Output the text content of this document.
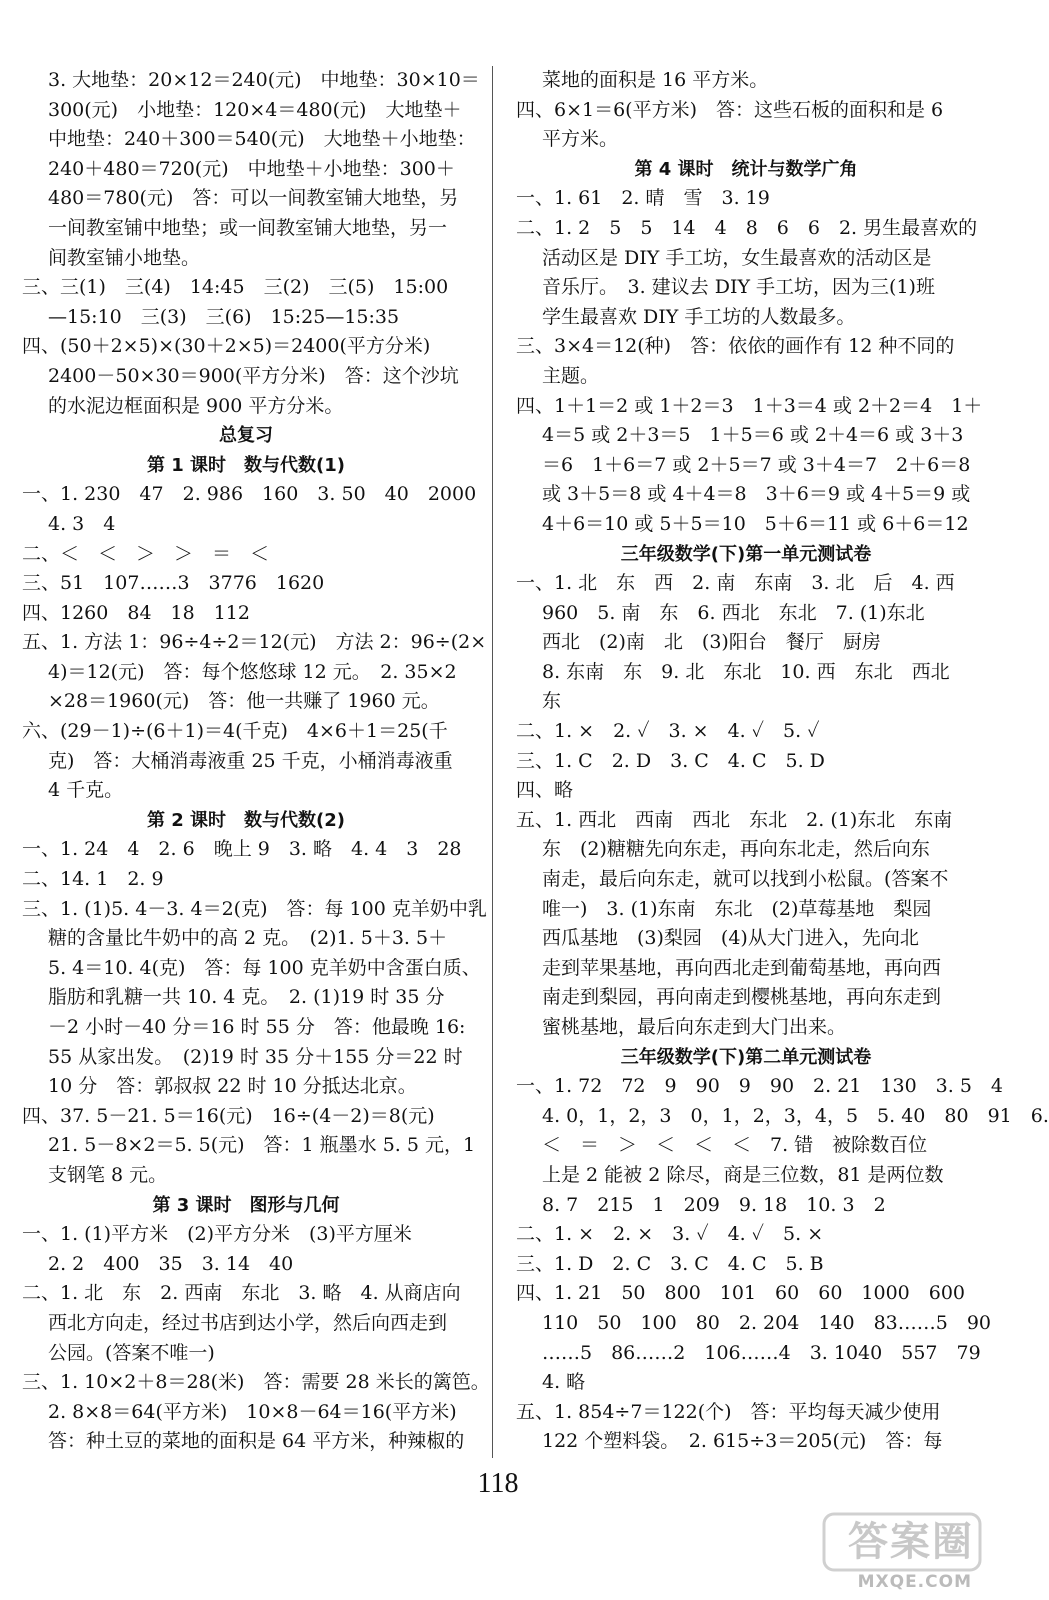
3. 大地垫：20×12＝240(元)　中地垫：30×10＝
300(元)　小地垫：120×4＝480(元)　大地垫＋
中地垫：240＋300＝540(元)　大地垫＋小地垫：
240＋480＝720(元)　中地垫＋小地垫：300＋
480＝780(元)　答：可以一间教室铺大地垫，另
一间教室铺中地垫；或一间教室铺大地垫，另一
间教室铺小地垫。
三、三(1)　三(4)　14:45　三(2)　三(5)　15:00
—15:10　三(3)　三(6)　15:25—15:35
四、(50＋2×5)×(30＋2×5)＝2400(平方分米)
2400－50×30＝900(平方分米)　答：这个沙坑
的水泥边框面积是 900 平方分米。
总复习
第 1 课时　数与代数(1)
一、1. 230　47　2. 986　160　3. 50　40　2000
4. 3　4
二、＜　＜　＞　＞　＝　＜
三、51　107……3　3776　1620
四、1260　84　18　112
五、1. 方法 1：96÷4÷2＝12(元)　方法 2：96÷(2×
4)＝12(元)　答：每个悠悠球 12 元。　2. 35×2
×28＝1960(元)　答：他一共赚了 1960 元。
六、(29－1)÷(6＋1)＝4(千克)　4×6＋1＝25(千
克)　答：大桶消毒液重 25 千克，小桶消毒液重
4 千克。
第 2 课时　数与代数(2)
一、1. 24　4　2. 6　晚上 9　3. 略　4. 4　3　28
二、14. 1　2. 9
三、1. (1)5. 4－3. 4＝2(克)　答：每 100 克羊奶中乳
糖的含量比牛奶中的高 2 克。　(2)1. 5＋3. 5＋
5. 4＝10. 4(克)　答：每 100 克羊奶中含蛋白质、
脂肪和乳糖一共 10. 4 克。　2. (1)19 时 35 分
－2 小时－40 分＝16 时 55 分　答：他最晚 16:
55 从家出发。　(2)19 时 35 分＋155 分＝22 时
10 分　答：郭叔叔 22 时 10 分抵达北京。
四、37. 5－21. 5＝16(元)　16÷(4－2)＝8(元)
21. 5－8×2＝5. 5(元)　答：1 瓶墨水 5. 5 元，1
支钢笔 8 元。
第 3 课时　图形与几何
一、1. (1)平方米　(2)平方分米　(3)平方厘米
2. 2　400　35　3. 14　40
二、1. 北　东　2. 西南　东北　3. 略　4. 从商店向
西北方向走，经过书店到达小学，然后向西走到
公园。(答案不唯一)
三、1. 10×2＋8＝28(米)　答：需要 28 米长的篱笆。
2. 8×8＝64(平方米)　10×8－64＝16(平方米)
答：种土豆的菜地的面积是 64 平方米，种辣椒的
菜地的面积是 16 平方米。
四、6×1＝6(平方米)　答：这些石板的面积和是 6
平方米。
第 4 课时　统计与数学广角
一、1. 61　2. 晴　雪　3. 19
二、1. 2　5　5　14　4　8　6　6　2. 男生最喜欢的
活动区是 DIY 手工坊，女生最喜欢的活动区是
音乐厅。　3. 建议去 DIY 手工坊，因为三(1)班
学生最喜欢 DIY 手工坊的人数最多。
三、3×4＝12(种)　答：依依的画作有 12 种不同的
主题。
四、1＋1＝2 或 1＋2＝3　1＋3＝4 或 2＋2＝4　1＋
4＝5 或 2＋3＝5　1＋5＝6 或 2＋4＝6 或 3＋3
＝6　1＋6＝7 或 2＋5＝7 或 3＋4＝7　2＋6＝8
或 3＋5＝8 或 4＋4＝8　3＋6＝9 或 4＋5＝9 或
4＋6＝10 或 5＋5＝10　5＋6＝11 或 6＋6＝12
三年级数学(下)第一单元测试卷
一、1. 北　东　西　2. 南　东南　3. 北　后　4. 西
960　5. 南　东　6. 西北　东北　7. (1)东北
西北　(2)南　北　(3)阳台　餐厅　厨房
8. 东南　东　9. 北　东北　10. 西　东北　西北
东
二、1. ×　2. ✓　3. ×　4. ✓　5. ✓
三、1. C　2. D　3. C　4. C　5. D
四、略
五、1. 西北　西南　西北　东北　2. (1)东北　东南
东　(2)糖糖先向东走，再向东北走，然后向东
南走，最后向东走，就可以找到小松鼠。(答案不
唯一)　3. (1)东南　东北　(2)草莓基地　梨园
西瓜基地　(3)梨园　(4)从大门进入，先向北
走到苹果基地，再向西北走到葡萄基地，再向西
南走到梨园，再向南走到樱桃基地，再向东走到
蜜桃基地，最后向东走到大门出来。
三年级数学(下)第二单元测试卷
一、1. 72　72　9　90　9　90　2. 21　130　3. 5　4
4. 0，1，2，3　0，1，2，3，4，5　5. 40　80　91　6.
＜　＝　＞　＜　＜　＜　7. 错　被除数百位
上是 2 能被 2 除尽，商是三位数，81 是两位数
8. 7　215　1　209　9. 18　10. 3　2
二、1. ×　2. ×　3. ✓　4. ✓　5. ×
三、1. D　2. C　3. C　4. C　5. B
四、1. 21　50　800　101　60　60　1000　600
110　50　100　80　2. 204　140　83……5　90
……5　86……2　106……4　3. 1040　557　79
4. 略
五、1. 854÷7＝122(个)　答：平均每天减少使用
122 个塑料袋。　2. 615÷3＝205(元)　答：每
118
答案圈
MXQE.COM
